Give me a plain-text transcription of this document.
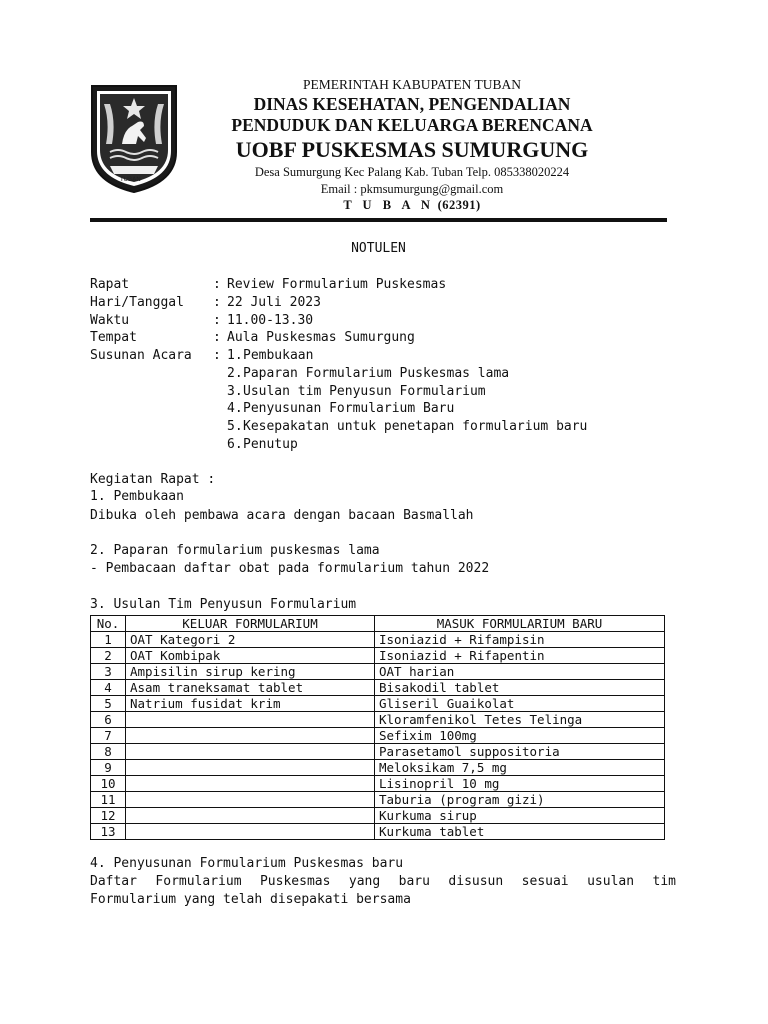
TUBAN
PEMERINTAH KABUPATEN TUBAN
DINAS KESEHATAN, PENGENDALIAN
PENDUDUK DAN KELUARGA BERENCANA
UOBF PUSKESMAS SUMURGUNG
Desa Sumurgung Kec Palang Kab. Tuban Telp. 085338020224
Email : pkmsumurgung@gmail.com
T U B A N (62391)
NOTULEN
Rapat	: Review Formularium Puskesmas
Hari/Tanggal : 22 Juli 2023
Waktu	: 11.00-13.30
Tempat	: Aula Puskesmas Sumurgung
Susunan Acara : 1. Pembukaan
2. Paparan Formularium Puskesmas lama
3. Usulan tim Penyusun Formularium
4. Penyusunan Formularium Baru
5. Kesepakatan untuk penetapan formularium baru
6. Penutup
Kegiatan Rapat :
1. Pembukaan
Dibuka oleh pembawa acara dengan bacaan Basmallah
2. Paparan formularium puskesmas lama
- Pembacaan daftar obat pada formularium tahun 2022
3. Usulan Tim Penyusun Formularium
No.	KELUAR FORMULARIUM	MASUK FORMULARIUM BARU
1	OAT Kategori 2	Isoniazid + Rifampisin
2	OAT Kombipak	Isoniazid + Rifapentin
3	Ampisilin sirup kering	OAT harian
4	Asam traneksamat tablet	Bisakodil tablet
5	Natrium fusidat krim	Gliseril Guaikolat
6		Kloramfenikol Tetes Telinga
7		Sefixim 100mg
8		Parasetamol suppositoria
9		Meloksikam 7,5 mg
10		Lisinopril 10 mg
11		Taburia (program gizi)
12		Kurkuma sirup
13		Kurkuma tablet
4. Penyusunan Formularium Puskesmas baru
Daftar Formularium Puskesmas yang baru disusun sesuai usulan tim Formularium yang telah disepakati bersama
